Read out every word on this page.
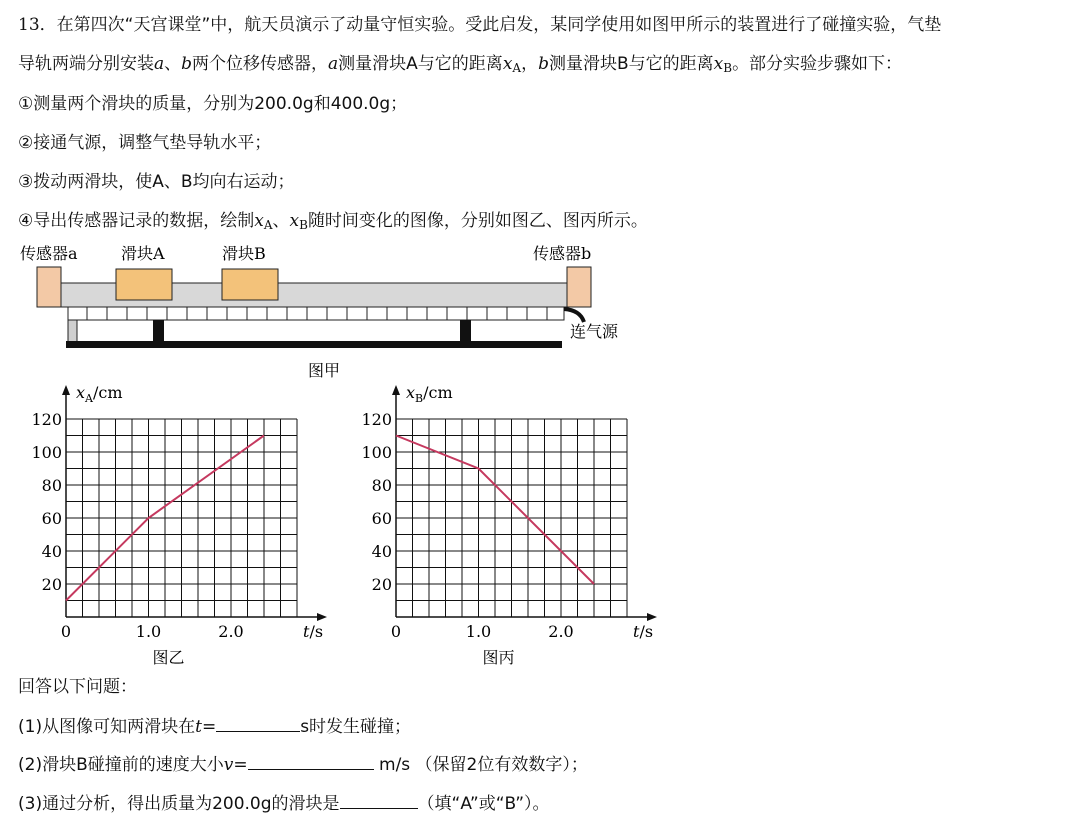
13．在第四次“天宫课堂”中，航天员演示了动量守恒实验。受此启发，某同学使用如图甲所示的装置进行了碰撞实验，气垫
导轨两端分别安装a、b两个位移传感器，a测量滑块A与它的距离$x_A$，b测量滑块B与它的距离$x_B$。部分实验步骤如下：
①测量两个滑块的质量，分别为200.0g和400.0g；
②接通气源，调整气垫导轨水平；
③拨动两滑块，使A、B均向右运动；
④导出传感器记录的数据，绘制$x_A$、$x_B$随时间变化的图像，分别如图乙、图丙所示。
传感器a	滑块A	滑块B	传感器b
连气源
图甲
120
100
80
60
40
20
0	1.0	2.0
$x_A/cm$
t/s
图乙
120
100
80
60
40
20
0	1.0	2.0
$x_B/cm$
t/s
图丙
回答以下问题：
(1)从图像可知两滑块在t=	s时发生碰撞；
(2)滑块B碰撞前的速度大小v=	m/s （保留2位有效数字）；
(3)通过分析，得出质量为200.0g的滑块是	（填“A”或“B”）。
